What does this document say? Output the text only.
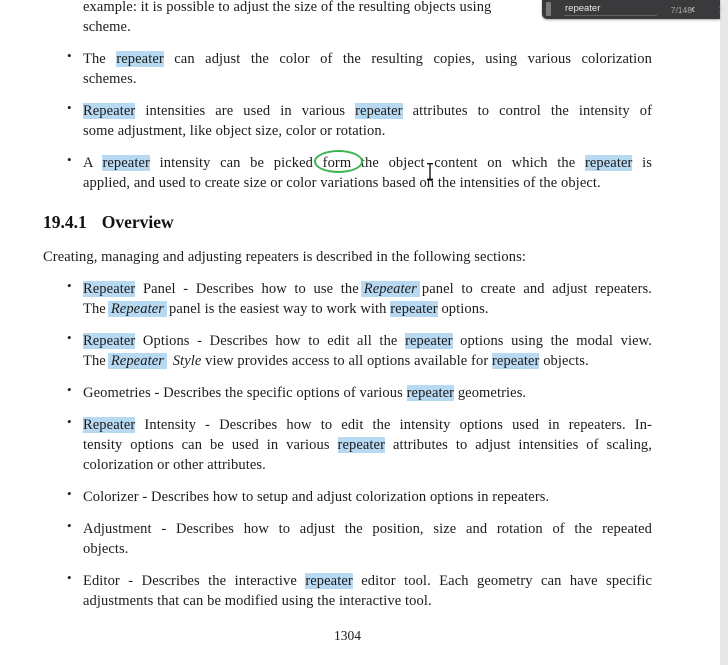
example: it is possible to adjust the size of the resulting objects using
scheme.
• The repeater can adjust the color of the resulting copies, using various colorization
schemes.
• Repeater intensities are used in various repeater attributes to control the intensity of
some adjustment, like object size, color or rotation.
• A repeater intensity can be picked form the object content on which the repeater is
applied, and used to create size or color variations based on the intensities of the object.
19.4.1 Overview
Creating, managing and adjusting repeaters is described in the following sections:
• Repeater Panel - Describes how to use the Repeater panel to create and adjust repeaters.
The Repeater panel is the easiest way to work with repeater options.
• Repeater Options - Describes how to edit all the repeater options using the modal view.
The Repeater Style view provides access to all options available for repeater objects.
• Geometries - Describes the specific options of various repeater geometries.
• Repeater Intensity - Describes how to edit the intensity options used in repeaters. In-
tensity options can be used in various repeater attributes to adjust intensities of scaling,
colorization or other attributes.
• Colorizer - Describes how to setup and adjust colorization options in repeaters.
• Adjustment - Describes how to adjust the position, size and rotation of the repeated
objects.
• Editor - Describes the interactive repeater editor tool. Each geometry can have specific
adjustments that can be modified using the interactive tool.
1304
repeater	7/148
‹	›
